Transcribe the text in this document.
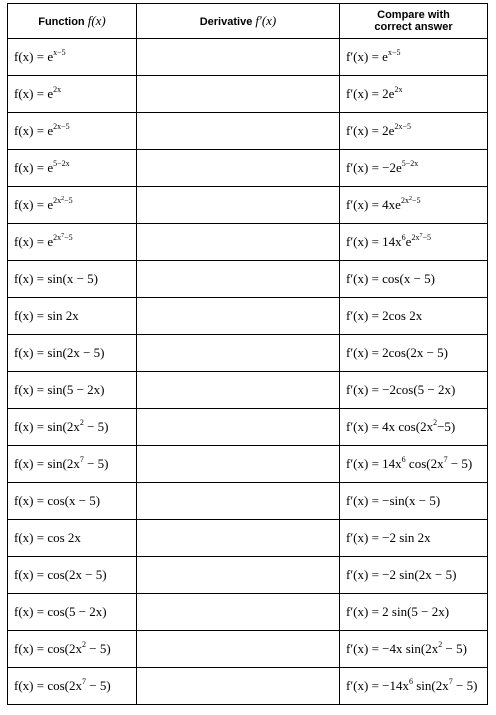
Function f(x)	Derivative f′(x)	Compare with
correct answer

$f(x) = e^{x-5}$		$f'(x) = e^{x-5}$
$f(x) = e^{2x}$		$f'(x) = 2e^{2x}$
$f(x) = e^{2x-5}$		$f'(x) = 2e^{2x-5}$
$f(x) = e^{5-2x}$		$f'(x) = -2e^{5-2x}$
$f(x) = e^{2x^2-5}$		$f'(x) = 4xe^{2x^2-5}$
$f(x) = e^{2x^7-5}$		$f'(x) = 14x^6e^{2x^7-5}$
f(x) = sin(x − 5)		f′(x) = cos(x − 5)
f(x) = sin 2x		f′(x) = 2cos 2x
f(x) = sin(2x − 5)		f′(x) = 2cos(2x − 5)
f(x) = sin(5 − 2x)		f′(x) = −2cos(5 − 2x)
$f(x) = \sin(2x^2 - 5)$		f′(x) = 4x $\cos(2x^2-5)$
$f(x) = \sin(2x^7 - 5)$		$f'(x) = 14x^6$ $\cos(2x^7 - 5)$
f(x) = cos(x − 5)		f′(x) = −sin(x − 5)
f(x) = cos 2x		f′(x) = −2 sin 2x
f(x) = cos(2x − 5)		f′(x) = −2 sin(2x − 5)
f(x) = cos(5 − 2x)		f′(x) = 2 sin(5 − 2x)
$f(x) = \cos(2x^2 - 5)$		f′(x) = −4x $\sin(2x^2 - 5)$
$f(x) = \cos(2x^7 - 5)$		$f'(x) = -14x^6$ $\sin(2x^7 - 5)$
